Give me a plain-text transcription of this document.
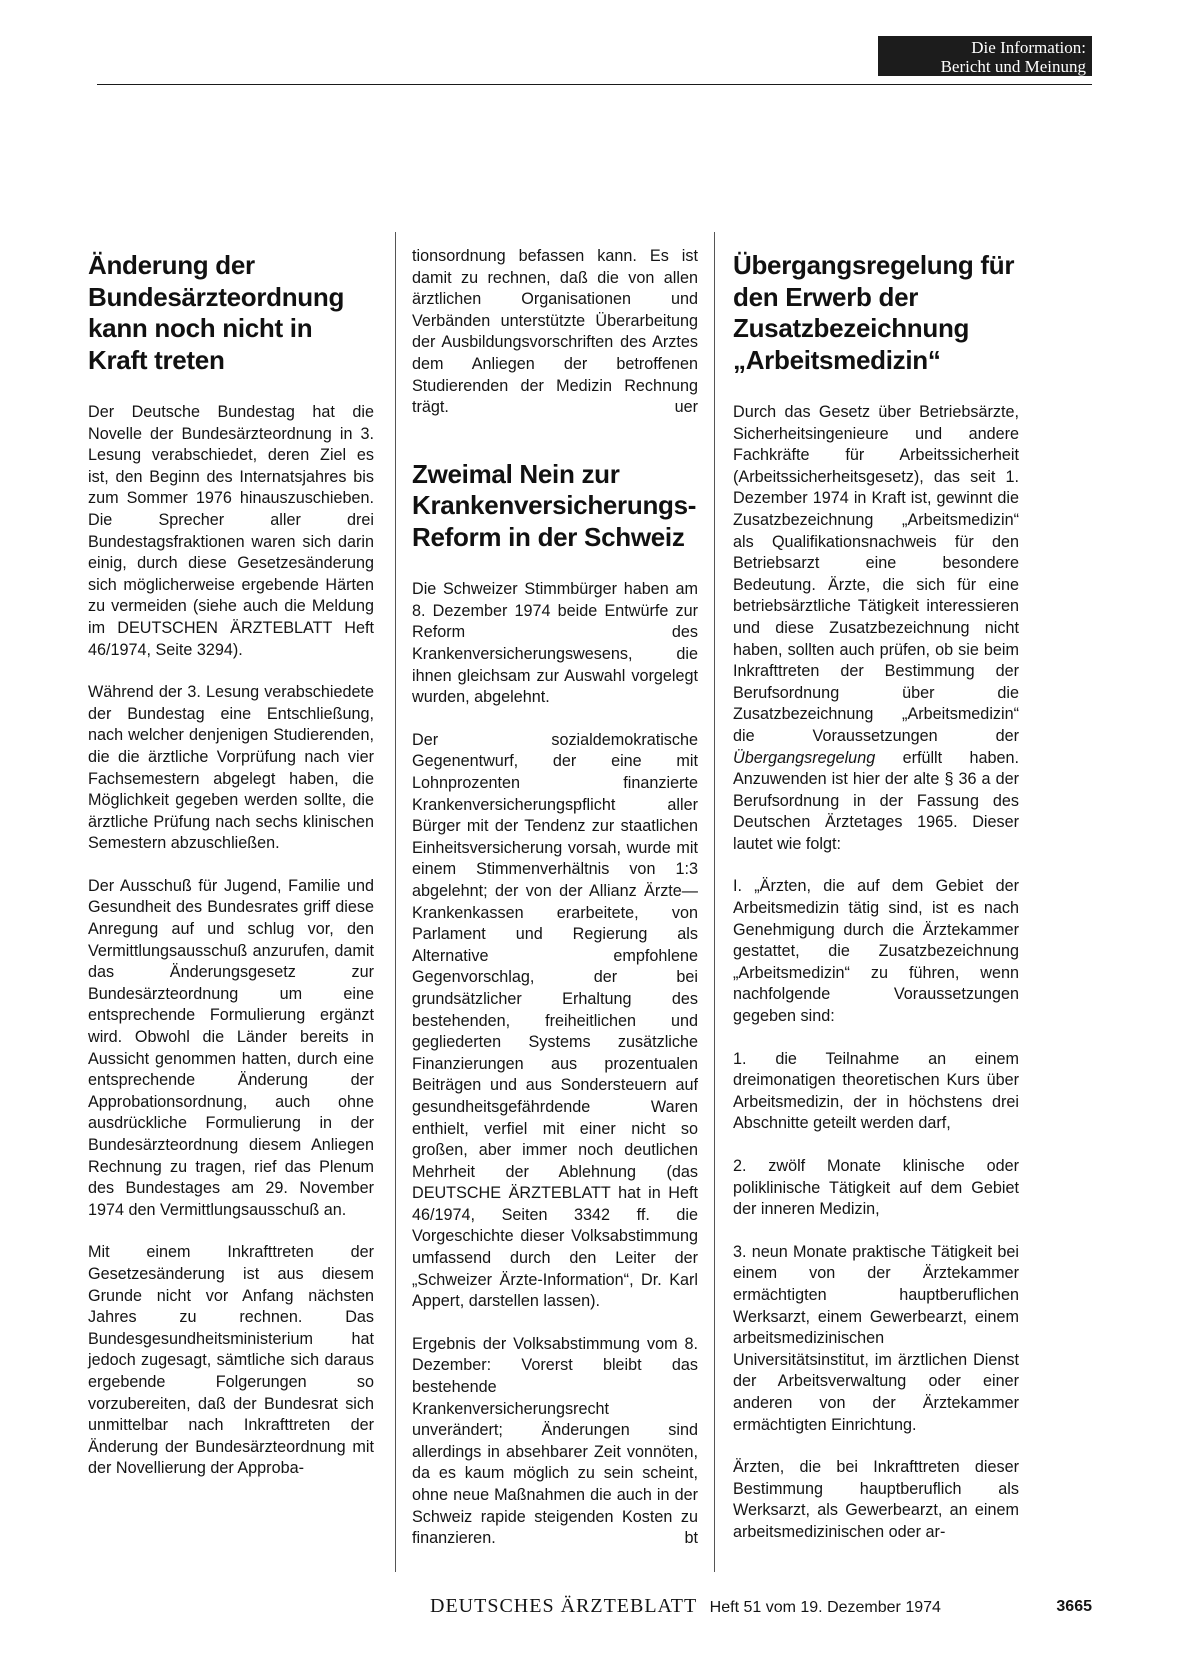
Die Information:
Bericht und Meinung
Änderung der Bundesärzteordnung kann noch nicht in Kraft treten

Der Deutsche Bundestag hat die Novelle der Bundesärzteordnung in 3. Lesung verabschiedet, deren Ziel es ist, den Beginn des Internatsjahres bis zum Sommer 1976 hinauszuschieben. Die Sprecher aller drei Bundestagsfraktionen waren sich darin einig, durch diese Gesetzesänderung sich möglicherweise ergebende Härten zu vermeiden (siehe auch die Meldung im DEUTSCHEN ÄRZTEBLATT Heft 46/1974, Seite 3294).

Während der 3. Lesung verabschiedete der Bundestag eine Entschließung, nach welcher denjenigen Studierenden, die die ärztliche Vorprüfung nach vier Fachsemestern abgelegt haben, die Möglichkeit gegeben werden sollte, die ärztliche Prüfung nach sechs klinischen Semestern abzuschließen.

Der Ausschuß für Jugend, Familie und Gesundheit des Bundesrates griff diese Anregung auf und schlug vor, den Vermittlungsausschuß anzurufen, damit das Änderungsgesetz zur Bundesärzteordnung um eine entsprechende Formulierung ergänzt wird. Obwohl die Länder bereits in Aussicht genommen hatten, durch eine entsprechende Änderung der Approbationsordnung, auch ohne ausdrückliche Formulierung in der Bundesärzteordnung diesem Anliegen Rechnung zu tragen, rief das Plenum des Bundestages am 29. November 1974 den Vermittlungsausschuß an.

Mit einem Inkrafttreten der Gesetzesänderung ist aus diesem Grunde nicht vor Anfang nächsten Jahres zu rechnen. Das Bundesgesundheitsministerium hat jedoch zugesagt, sämtliche sich daraus ergebende Folgerungen so vorzubereiten, daß der Bundesrat sich unmittelbar nach Inkrafttreten der Änderung der Bundesärzteordnung mit der Novellierung der Approba-

tionsordnung befassen kann. Es ist damit zu rechnen, daß die von allen ärztlichen Organisationen und Verbänden unterstützte Überarbeitung der Ausbildungsvorschriften des Arztes dem Anliegen der betroffenen Studierenden der Medizin Rechnung trägt.	uer

Zweimal Nein zur Krankenversicherungs-Reform in der Schweiz

Die Schweizer Stimmbürger haben am 8. Dezember 1974 beide Entwürfe zur Reform des Krankenversicherungswesens, die ihnen gleichsam zur Auswahl vorgelegt wurden, abgelehnt.

Der sozialdemokratische Gegenentwurf, der eine mit Lohnprozenten finanzierte Krankenversicherungspflicht aller Bürger mit der Tendenz zur staatlichen Einheitsversicherung vorsah, wurde mit einem Stimmenverhältnis von 1:3 abgelehnt; der von der Allianz Ärzte—Krankenkassen erarbeitete, von Parlament und Regierung als Alternative empfohlene Gegenvorschlag, der bei grundsätzlicher Erhaltung des bestehenden, freiheitlichen und gegliederten Systems zusätzliche Finanzierungen aus prozentualen Beiträgen und aus Sondersteuern auf gesundheitsgefährdende Waren enthielt, verfiel mit einer nicht so großen, aber immer noch deutlichen Mehrheit der Ablehnung (das DEUTSCHE ÄRZTEBLATT hat in Heft 46/1974, Seiten 3342 ff. die Vorgeschichte dieser Volksabstimmung umfassend durch den Leiter der „Schweizer Ärzte-Information“, Dr. Karl Appert, darstellen lassen).

Ergebnis der Volksabstimmung vom 8. Dezember: Vorerst bleibt das bestehende Krankenversicherungsrecht unverändert; Änderungen sind allerdings in absehbarer Zeit vonnöten, da es kaum möglich zu sein scheint, ohne neue Maßnahmen die auch in der Schweiz rapide steigenden Kosten zu finanzieren.	bt

Übergangsregelung für den Erwerb der Zusatzbezeichnung „Arbeitsmedizin“

Durch das Gesetz über Betriebsärzte, Sicherheitsingenieure und andere Fachkräfte für Arbeitssicherheit (Arbeitssicherheitsgesetz), das seit 1. Dezember 1974 in Kraft ist, gewinnt die Zusatzbezeichnung „Arbeitsmedizin“ als Qualifikationsnachweis für den Betriebsarzt eine besondere Bedeutung. Ärzte, die sich für eine betriebsärztliche Tätigkeit interessieren und diese Zusatzbezeichnung nicht haben, sollten auch prüfen, ob sie beim Inkrafttreten der Bestimmung der Berufsordnung über die Zusatzbezeichnung „Arbeitsmedizin“ die Voraussetzungen der Übergangsregelung erfüllt haben. Anzuwenden ist hier der alte § 36 a der Berufsordnung in der Fassung des Deutschen Ärztetages 1965. Dieser lautet wie folgt:

I. „Ärzten, die auf dem Gebiet der Arbeitsmedizin tätig sind, ist es nach Genehmigung durch die Ärztekammer gestattet, die Zusatzbezeichnung „Arbeitsmedizin“ zu führen, wenn nachfolgende Voraussetzungen gegeben sind:

1. die Teilnahme an einem dreimonatigen theoretischen Kurs über Arbeitsmedizin, der in höchstens drei Abschnitte geteilt werden darf,

2. zwölf Monate klinische oder poliklinische Tätigkeit auf dem Gebiet der inneren Medizin,

3. neun Monate praktische Tätigkeit bei einem von der Ärztekammer ermächtigten hauptberuflichen Werksarzt, einem Gewerbearzt, einem arbeitsmedizinischen Universitätsinstitut, im ärztlichen Dienst der Arbeitsverwaltung oder einer anderen von der Ärztekammer ermächtigten Einrichtung.

Ärzten, die bei Inkrafttreten dieser Bestimmung hauptberuflich als Werksarzt, als Gewerbearzt, an einem arbeitsmedizinischen oder ar-

DEUTSCHES ÄRZTEBLATT Heft 51 vom 19. Dezember 1974	3665
